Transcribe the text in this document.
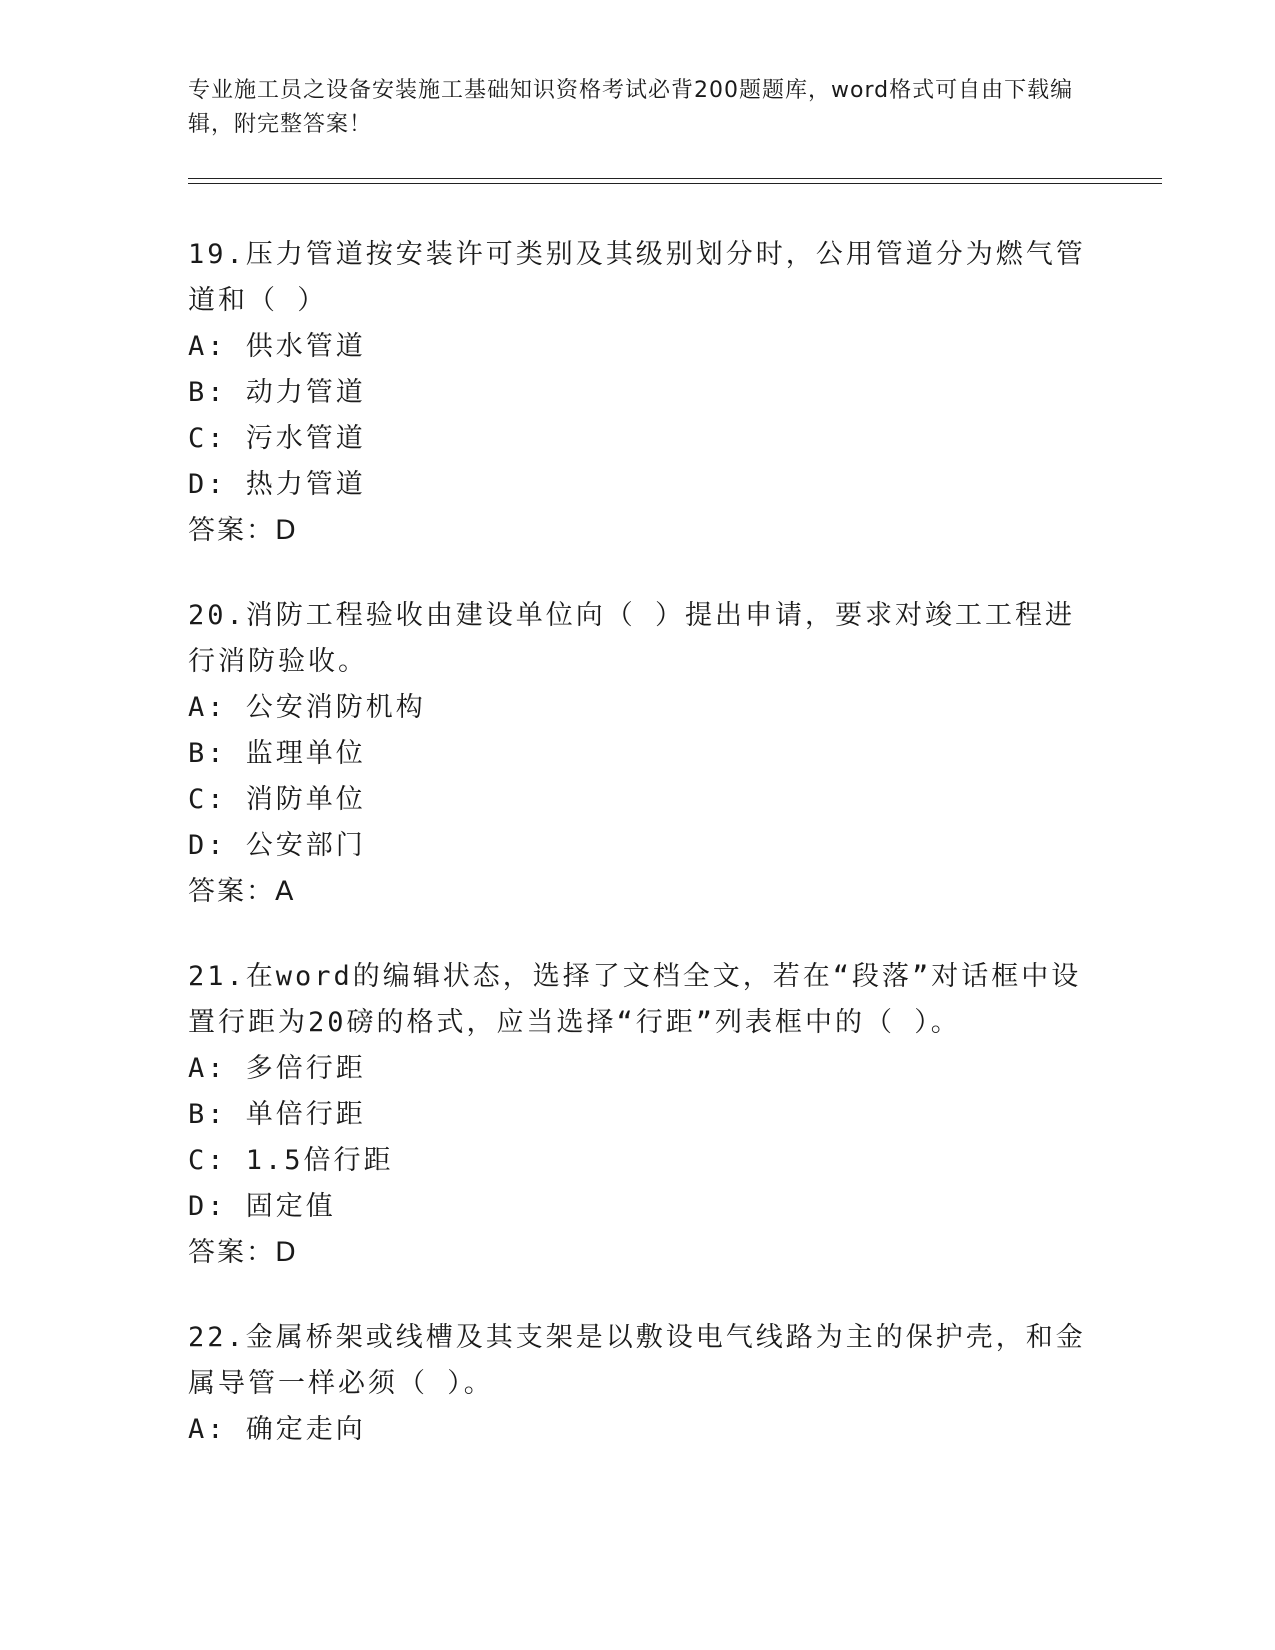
专业施工员之设备安装施工基础知识资格考试必背200题题库，word格式可自由下载编辑，附完整答案！

19.压力管道按安装许可类别及其级别划分时，公用管道分为燃气管道和（ ）

A: 供水管道

B: 动力管道

C: 污水管道

D: 热力管道

答案：D

20.消防工程验收由建设单位向（ ）提出申请，要求对竣工工程进行消防验收。

A: 公安消防机构

B: 监理单位

C: 消防单位

D: 公安部门

答案：A

21.在word的编辑状态，选择了文档全文，若在“段落”对话框中设置行距为20磅的格式，应当选择“行距”列表框中的（ ）。

A: 多倍行距

B: 单倍行距

C: 1.5倍行距

D: 固定值

答案：D

22.金属桥架或线槽及其支架是以敷设电气线路为主的保护壳，和金属导管一样必须（ ）。

A: 确定走向
